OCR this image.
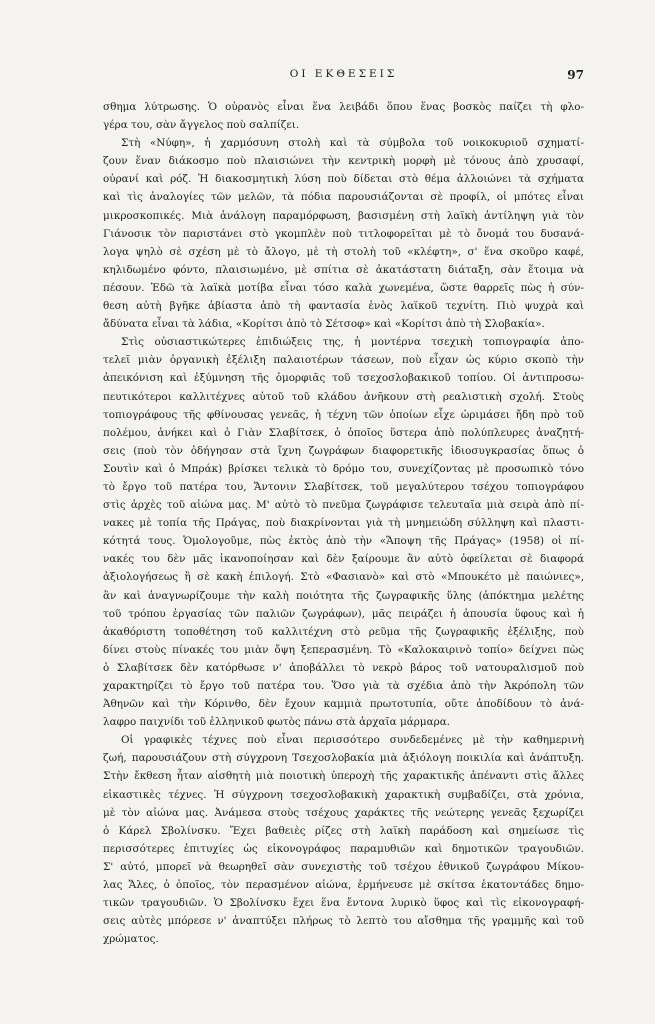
ΟΙ ΕΚΘΕΣΕΙΣ	97
σθημα λύτρωσης. Ὁ οὐρανὸς εἶναι ἕνα λειβάδι ὅπου ἕνας βοσκὸς παίζει τὴ φλο-
γέρα του, σὰν ἄγγελος ποὺ σαλπίζει.
Στὴ «Νύφη», ἡ χαρμόσυνη στολὴ καὶ τὰ σύμβολα τοῦ νοικοκυριοῦ σχηματί-
ζουν ἕναν διάκοσμο ποὺ πλαισιώνει τὴν κεντρικὴ μορφὴ μὲ τόνους ἀπὸ χρυσαφί,
οὐρανί καὶ ρόζ. Ἡ διακοσμητικὴ λύση ποὺ δίδεται στὸ θέμα ἀλλοιώνει τὰ σχήματα
καὶ τὶς ἀναλογίες τῶν μελῶν, τὰ πόδια παρουσιάζονται σὲ προφίλ, οἱ μπότες εἶναι
μικροσκοπικές. Μιὰ ἀνάλογη παραμόρφωση, βασισμένη στὴ λαϊκὴ ἀντίληψη γιὰ τὸν
Γιάνοσικ τὸν παριστάνει στὸ γκομπλὲν ποὺ τιτλοφορεῖται μὲ τὸ ὄνομά του δυσανά-
λογα ψηλὸ σὲ σχέση μὲ τὸ ἄλογο, μὲ τὴ στολὴ τοῦ «κλέφτη», σ' ἕνα σκοῦρο καφέ,
κηλιδωμένο φόντο, πλαισιωμένο, μὲ σπίτια σὲ ἀκατάστατη διάταξη, σὰν ἕτοιμα νὰ
πέσουν. Ἐδῶ τὰ λαϊκὰ μοτίβα εἶναι τόσο καλὰ χωνεμένα, ὥστε θαρρεῖς πὼς ἡ σύν-
θεση αὐτὴ βγῆκε ἀβίαστα ἀπὸ τὴ φαντασία ἑνὸς λαϊκοῦ τεχνίτη. Πιὸ ψυχρὰ καὶ
ἄδύνατα εἶναι τὰ λάδια, «Κορίτσι ἀπὸ τὸ Σέτσοφ» καὶ «Κορίτσι ἀπὸ τὴ Σλοβακία».
Στὶς οὐσιαστικώτερες ἐπιδιώξεις της, ἡ μοντέρνα τσεχικὴ τοπιογραφία ἀπο-
τελεῖ μιὰν ὀργανικὴ ἐξέλιξη παλαιοτέρων τάσεων, ποὺ εἶχαν ὡς κύριο σκοπὸ τὴν
ἀπεικόνιση καὶ ἐξύμνηση τῆς ὀμορφιᾶς τοῦ τσεχοσλοβακικοῦ τοπίου. Οἱ ἀντιπροσω-
πευτικότεροι καλλιτέχνες αὐτοῦ τοῦ κλάδου ἀνῆκουν στὴ ρεαλιστικὴ σχολή. Στοὺς
τοπιογράφους τῆς φθίνουσας γενεᾶς, ἡ τέχνη τῶν ὁποίων εἶχε ὡριμάσει ἤδη πρὸ τοῦ
πολέμου, ἀνήκει καὶ ὁ Γιὰν Σλαβίτσεκ, ὁ ὁποῖος ὕστερα ἀπὸ πολύπλευρες ἀναζητή-
σεις (ποὺ τὸν ὁδήγησαν στὰ ἴχνη ζωγράφων διαφορετικῆς ἰδιοσυγκρασίας ὅπως ὁ
Σουτὶν καὶ ὁ Μπράκ) βρίσκει τελικὰ τὸ δρόμο του, συνεχίζοντας μὲ προσωπικὸ τόνο
τὸ ἔργο τοῦ πατέρα του, Ἄντονιν Σλαβίτσεκ, τοῦ μεγαλύτερου τσέχου τοπιογράφου
στὶς ἀρχὲς τοῦ αἰώνα μας. Μ' αὐτὸ τὸ πνεῦμα ζωγράφισε τελευταῖα μιὰ σειρὰ ἀπὸ πί-
νακες μὲ τοπία τῆς Πράγας, ποὺ διακρίνονται γιὰ τὴ μνημειώδη σύλληψη καὶ πλαστι-
κότητά τους. Ὁμολογοῦμε, πὼς ἐκτὸς ἀπὸ τὴν «Ἄποψη τῆς Πράγας» (1958) οἱ πί-
νακές του δὲν μᾶς ἱκανοποίησαν καὶ δὲν ξαίρουμε ἂν αὐτὸ ὀφείλεται σὲ διαφορά
ἀξιολογήσεως ἢ σὲ κακὴ ἐπιλογή. Στὸ «Φασιανὸ» καὶ στὸ «Μπουκέτο μὲ παιώνιες»,
ἂν καὶ ἀναγνωρίζουμε τὴν καλὴ ποιότητα τῆς ζωγραφικῆς ὕλης (ἀπόκτημα μελέτης
τοῦ τρόπου ἐργασίας τῶν παλιῶν ζωγράφων), μᾶς πειράζει ἡ ἀπουσία ὕφους καὶ ἡ
ἀκαθόριστη τοποθέτηση τοῦ καλλιτέχνη στὸ ρεῦμα τῆς ζωγραφικῆς ἐξέλιξης, ποὺ
δίνει στοὺς πίνακές του μιὰν ὄψη ξεπερασμένη. Τὸ «Καλοκαιρινὸ τοπίο» δείχνει πὼς
ὁ Σλαβίτσεκ δὲν κατόρθωσε ν' ἀποβάλλει τὸ νεκρὸ βάρος τοῦ νατουραλισμοῦ ποὺ
χαρακτηρίζει τὸ ἔργο τοῦ πατέρα του. Ὅσο γιὰ τὰ σχέδια ἀπὸ τὴν Ἀκρόπολη τῶν
Ἀθηνῶν καὶ τὴν Κόρινθο, δὲν ἔχουν καμμιὰ πρωτοτυπία, οὔτε ἀποδίδουν τὸ ἀνά-
λαφρο παιχνίδι τοῦ ἑλληνικοῦ φωτὸς πάνω στὰ ἀρχαῖα μάρμαρα.
Οἱ γραφικὲς τέχνες ποὺ εἶναι περισσότερο συνδεδεμένες μὲ τὴν καθημερινὴ
ζωή, παρουσιάζουν στὴ σύγχρονη Τσεχοσλοβακία μιὰ ἀξιόλογη ποικιλία καὶ ἀνάπτυξη.
Στὴν ἔκθεση ἦταν αἰσθητὴ μιὰ ποιοτικὴ ὑπεροχὴ τῆς χαρακτικῆς ἀπέναντι στὶς ἄλλες
εἰκαστικὲς τέχνες. Ἡ σύγχρονη τσεχοσλοβακικὴ χαρακτικὴ συμβαδίζει, στὰ χρόνια,
μὲ τὸν αἰώνα μας. Ἀνάμεσα στοὺς τσέχους χαράκτες τῆς νεώτερης γενεᾶς ξεχωρίζει
ὁ Κάρελ Σβολίνσκυ. Ἔχει βαθειὲς ρίζες στὴ λαϊκὴ παράδοση καὶ σημείωσε τὶς
περισσότερες ἐπιτυχίες ὡς εἰκονογράφος παραμυθιῶν καὶ δημοτικῶν τραγουδιῶν.
Σ' αὐτό, μπορεῖ νὰ θεωρηθεῖ σὰν συνεχιστὴς τοῦ τσέχου ἐθνικοῦ ζωγράφου Μίκου-
λας Ἄλες, ὁ ὁποῖος, τὸν περασμένον αἰώνα, ἑρμήνευσε μὲ σκίτσα ἑκατοντάδες δημο-
τικῶν τραγουδιῶν. Ὁ Σβολίνσκυ ἔχει ἕνα ἔντονα λυρικὸ ὕφος καὶ τὶς εἰκονογραφή-
σεις αὐτὲς μπόρεσε ν' ἀναπτύξει πλήρως τὸ λεπτὸ του αἴσθημα τῆς γραμμῆς καὶ τοῦ
χρώματος.
